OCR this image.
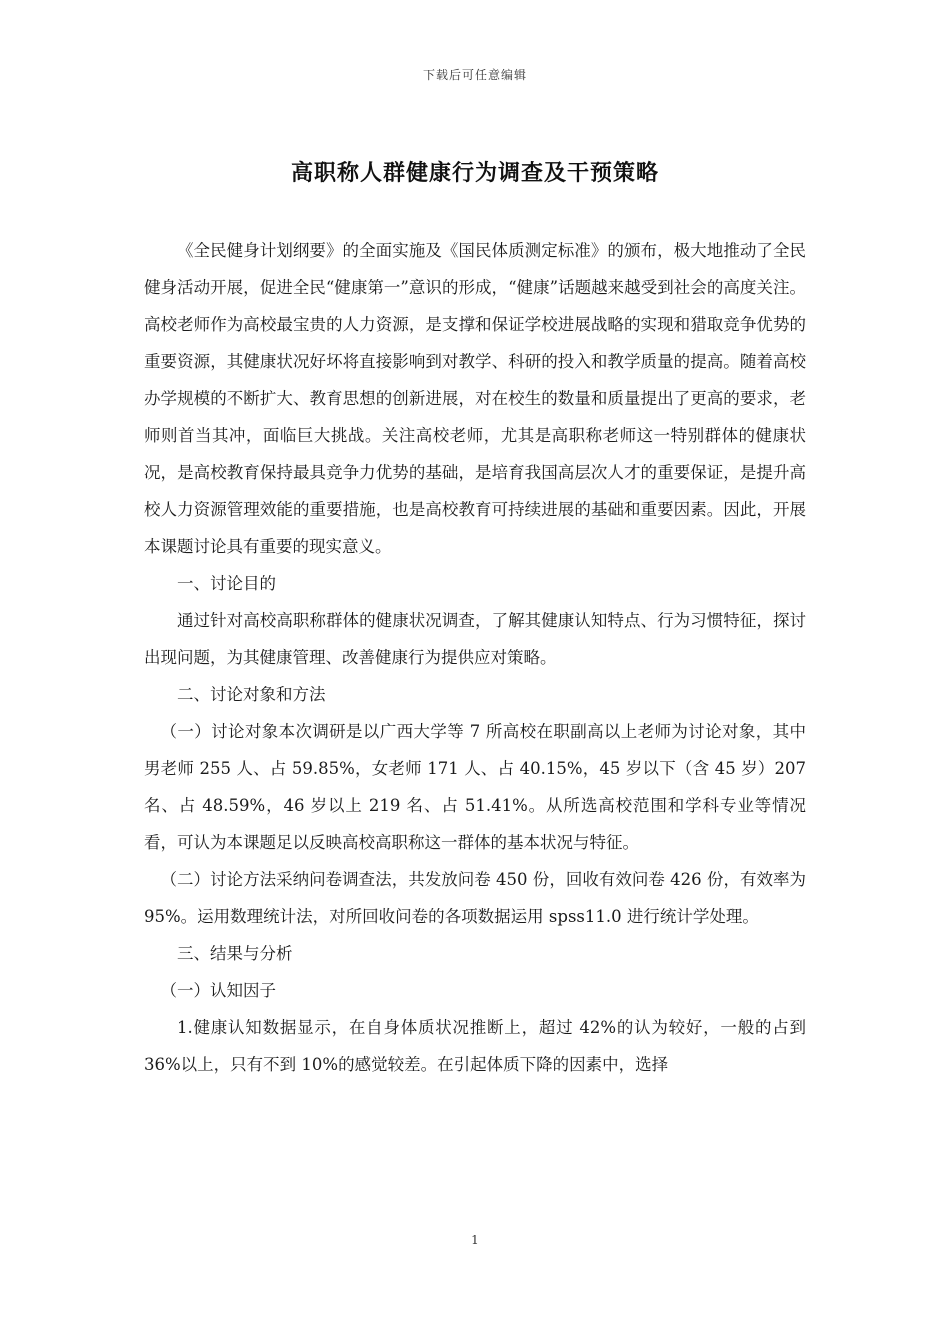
下载后可任意编辑
高职称人群健康行为调查及干预策略

《全民健身计划纲要》的全面实施及《国民体质测定标准》的颁布，极大地推动了全民健身活动开展，促进全民“健康第一”意识的形成，“健康”话题越来越受到社会的高度关注。高校老师作为高校最宝贵的人力资源，是支撑和保证学校进展战略的实现和猎取竞争优势的重要资源，其健康状况好坏将直接影响到对教学、科研的投入和教学质量的提高。随着高校办学规模的不断扩大、教育思想的创新进展，对在校生的数量和质量提出了更高的要求，老师则首当其冲，面临巨大挑战。关注高校老师，尤其是高职称老师这一特别群体的健康状况，是高校教育保持最具竞争力优势的基础，是培育我国高层次人才的重要保证，是提升高校人力资源管理效能的重要措施，也是高校教育可持续进展的基础和重要因素。因此，开展本课题讨论具有重要的现实意义。

一、讨论目的

通过针对高校高职称群体的健康状况调查，了解其健康认知特点、行为习惯特征，探讨出现问题，为其健康管理、改善健康行为提供应对策略。

二、讨论对象和方法

（一）讨论对象本次调研是以广西大学等 7 所高校在职副高以上老师为讨论对象，其中男老师 255 人、占 59.85%，女老师 171 人、占 40.15%，45 岁以下（含 45 岁）207 名、占 48.59%，46 岁以上 219 名、占 51.41%。从所选高校范围和学科专业等情况看，可认为本课题足以反映高校高职称这一群体的基本状况与特征。

（二）讨论方法采纳问卷调查法，共发放问卷 450 份，回收有效问卷 426 份，有效率为 95%。运用数理统计法，对所回收问卷的各项数据运用 spss11.0 进行统计学处理。

三、结果与分析

（一）认知因子

1.健康认知数据显示，在自身体质状况推断上，超过 42%的认为较好，一般的占到 36%以上，只有不到 10%的感觉较差。在引起体质下降的因素中，选择

1
